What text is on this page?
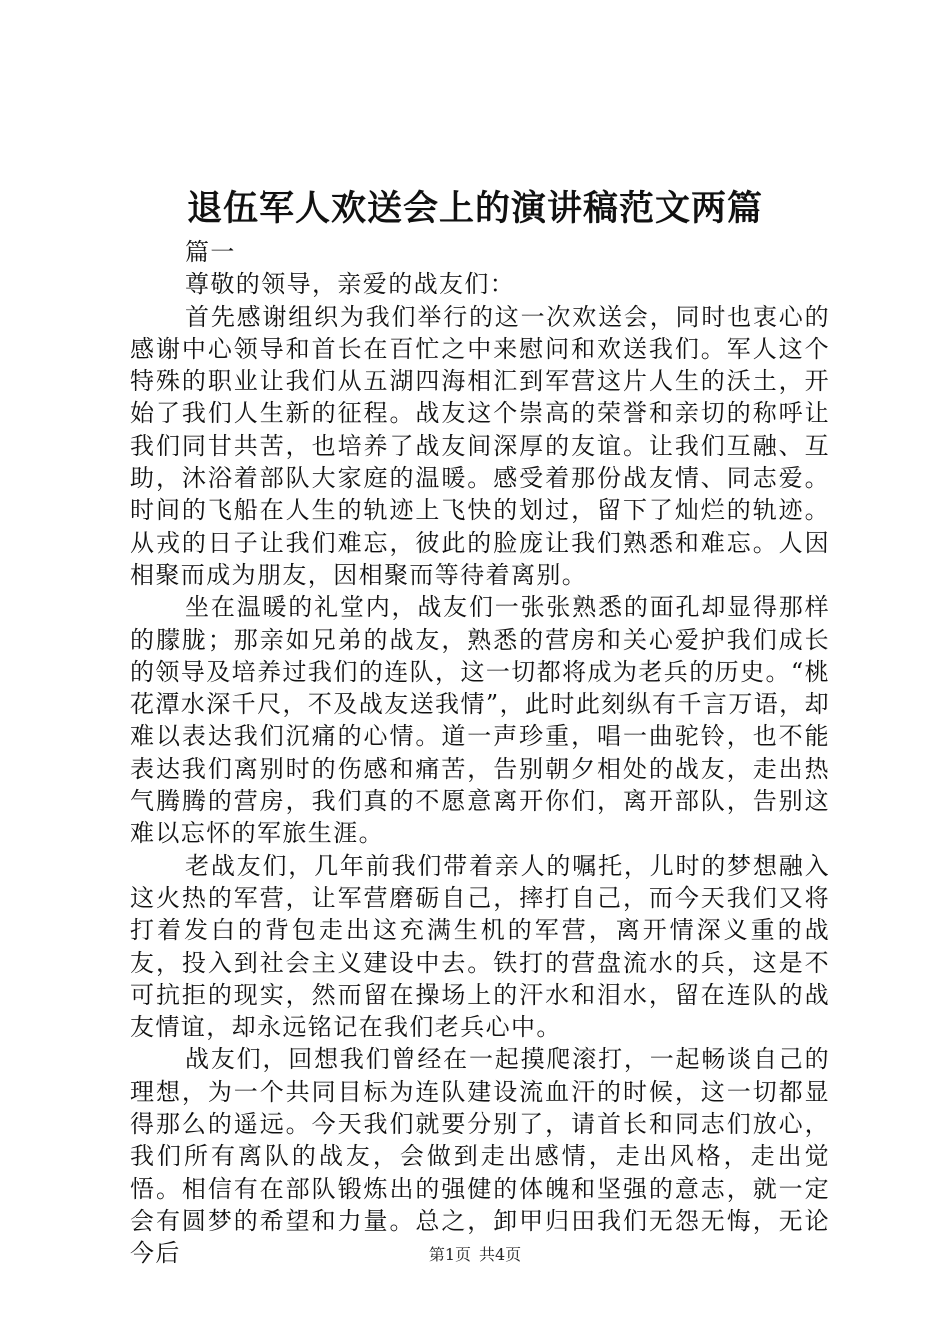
退伍军人欢送会上的演讲稿范文两篇

篇一

尊敬的领导，亲爱的战友们：

首先感谢组织为我们举行的这一次欢送会，同时也衷心的感谢中心领导和首长在百忙之中来慰问和欢送我们。军人这个特殊的职业让我们从五湖四海相汇到军营这片人生的沃土，开始了我们人生新的征程。战友这个崇高的荣誉和亲切的称呼让我们同甘共苦，也培养了战友间深厚的友谊。让我们互融、互助，沐浴着部队大家庭的温暖。感受着那份战友情、同志爱。时间的飞船在人生的轨迹上飞快的划过，留下了灿烂的轨迹。从戎的日子让我们难忘，彼此的脸庞让我们熟悉和难忘。人因相聚而成为朋友，因相聚而等待着离别。

坐在温暖的礼堂内，战友们一张张熟悉的面孔却显得那样的朦胧；那亲如兄弟的战友，熟悉的营房和关心爱护我们成长的领导及培养过我们的连队，这一切都将成为老兵的历史。“桃花潭水深千尺，不及战友送我情”，此时此刻纵有千言万语，却难以表达我们沉痛的心情。道一声珍重，唱一曲驼铃，也不能表达我们离别时的伤感和痛苦，告别朝夕相处的战友，走出热气腾腾的营房，我们真的不愿意离开你们，离开部队，告别这难以忘怀的军旅生涯。

老战友们，几年前我们带着亲人的嘱托，儿时的梦想融入这火热的军营，让军营磨砺自己，摔打自己，而今天我们又将打着发白的背包走出这充满生机的军营，离开情深义重的战友，投入到社会主义建设中去。铁打的营盘流水的兵，这是不可抗拒的现实，然而留在操场上的汗水和泪水，留在连队的战友情谊，却永远铭记在我们老兵心中。

战友们，回想我们曾经在一起摸爬滚打，一起畅谈自己的理想，为一个共同目标为连队建设流血汗的时候，这一切都显得那么的遥远。今天我们就要分别了，请首长和同志们放心，我们所有离队的战友，会做到走出感情，走出风格，走出觉悟。相信有在部队锻炼出的强健的体魄和坚强的意志，就一定会有圆梦的希望和力量。总之，卸甲归田我们无怨无悔，无论今后	第1页 共4页
